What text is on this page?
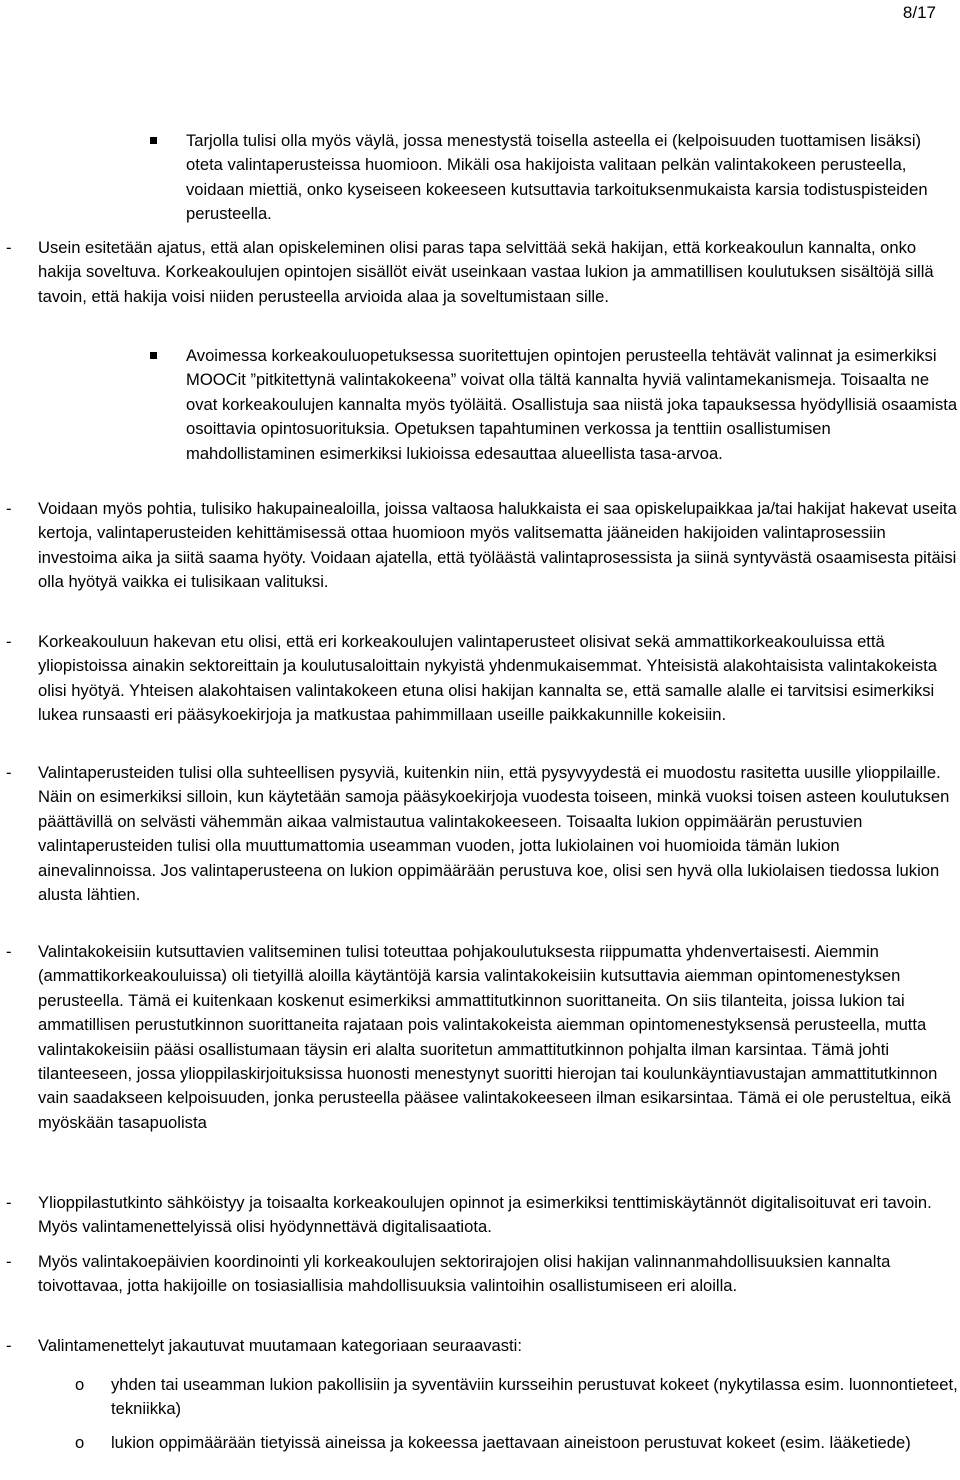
8/17
Tarjolla tulisi olla myös väylä, jossa menestystä toisella asteella ei (kelpoisuuden tuottamisen lisäksi) oteta valintaperusteissa huomioon. Mikäli osa hakijoista valitaan pelkän valintakokeen perusteella, voidaan miettiä, onko kyseiseen kokeeseen kutsuttavia tarkoituksenmukaista karsia todistuspisteiden perusteella.
- Usein esitetään ajatus, että alan opiskeleminen olisi paras tapa selvittää sekä hakijan, että korkeakoulun kannalta, onko hakija soveltuva. Korkeakoulujen opintojen sisällöt eivät useinkaan vastaa lukion ja ammatillisen koulutuksen sisältöjä sillä tavoin, että hakija voisi niiden perusteella arvioida alaa ja soveltumistaan sille.
Avoimessa korkeakouluopetuksessa suoritettujen opintojen perusteella tehtävät valinnat ja esimerkiksi MOOCit ”pitkitettynä valintakokeena” voivat olla tältä kannalta hyviä valintamekanismeja. Toisaalta ne ovat korkeakoulujen kannalta myös työläitä. Osallistuja saa niistä joka tapauksessa hyödyllisiä osaamista osoittavia opintosuorituksia. Opetuksen tapahtuminen verkossa ja tenttiin osallistumisen mahdollistaminen esimerkiksi lukioissa edesauttaa alueellista tasa-arvoa.
- Voidaan myös pohtia, tulisiko hakupainealoilla, joissa valtaosa halukkaista ei saa opiskelupaikkaa ja/tai hakijat hakevat useita kertoja, valintaperusteiden kehittämisessä ottaa huomioon myös valitsematta jääneiden hakijoiden valintaprosessiin investoima aika ja siitä saama hyöty. Voidaan ajatella, että työläästä valintaprosessista ja siinä syntyvästä osaamisesta pitäisi olla hyötyä vaikka ei tulisikaan valituksi.
- Korkeakouluun hakevan etu olisi, että eri korkeakoulujen valintaperusteet olisivat sekä ammattikorkeakouluissa että yliopistoissa ainakin sektoreittain ja koulutusaloittain nykyistä yhdenmukaisemmat. Yhteisistä alakohtaisista valintakokeista olisi hyötyä. Yhteisen alakohtaisen valintakokeen etuna olisi hakijan kannalta se, että samalle alalle ei tarvitsisi esimerkiksi lukea runsaasti eri pääsykoekirjoja ja matkustaa pahimmillaan useille paikkakunnille kokeisiin.
- Valintaperusteiden tulisi olla suhteellisen pysyviä, kuitenkin niin, että pysyvyydestä ei muodostu rasitetta uusille ylioppilaille. Näin on esimerkiksi silloin, kun käytetään samoja pääsykoekirjoja vuodesta toiseen, minkä vuoksi toisen asteen koulutuksen päättävillä on selvästi vähemmän aikaa valmistautua valintakokeeseen. Toisaalta lukion oppimäärän perustuvien valintaperusteiden tulisi olla muuttumattomia useamman vuoden, jotta lukiolainen voi huomioida tämän lukion ainevalinnoissa. Jos valintaperusteena on lukion oppimäärään perustuva koe, olisi sen hyvä olla lukiolaisen tiedossa lukion alusta lähtien.
- Valintakokeisiin kutsuttavien valitseminen tulisi toteuttaa pohjakoulutuksesta riippumatta yhdenvertaisesti. Aiemmin (ammattikorkeakouluissa) oli tietyillä aloilla käytäntöjä karsia valintakokeisiin kutsuttavia aiemman opintomenestyksen perusteella. Tämä ei kuitenkaan koskenut esimerkiksi ammattitutkinnon suorittaneita. On siis tilanteita, joissa lukion tai ammatillisen perustutkinnon suorittaneita rajataan pois valintakokeista aiemman opintomenestyksensä perusteella, mutta valintakokeisiin pääsi osallistumaan täysin eri alalta suoritetun ammattitutkinnon pohjalta ilman karsintaa. Tämä johti tilanteeseen, jossa ylioppilaskirjoituksissa huonosti menestynyt suoritti hierojan tai koulunkäyntiavustajan ammattitutkinnon vain saadakseen kelpoisuuden, jonka perusteella pääsee valintakokeeseen ilman esikarsintaa. Tämä ei ole perusteltua, eikä myöskään tasapuolista
- Ylioppilastutkinto sähköistyy ja toisaalta korkeakoulujen opinnot ja esimerkiksi tenttimiskäytännöt digitalisoituvat eri tavoin. Myös valintamenettelyissä olisi hyödynnettävä digitalisaatiota.
- Myös valintakoepäivien koordinointi yli korkeakoulujen sektorirajojen olisi hakijan valinnanmahdollisuuksien kannalta toivottavaa, jotta hakijoille on tosiasiallisia mahdollisuuksia valintoihin osallistumiseen eri aloilla.
- Valintamenettelyt jakautuvat muutamaan kategoriaan seuraavasti:
o yhden tai useamman lukion pakollisiin ja syventäviin kursseihin perustuvat kokeet (nykytilassa esim. luonnontieteet, tekniikka)
o lukion oppimäärään tietyissä aineissa ja kokeessa jaettavaan aineistoon perustuvat kokeet (esim. lääketiede)
